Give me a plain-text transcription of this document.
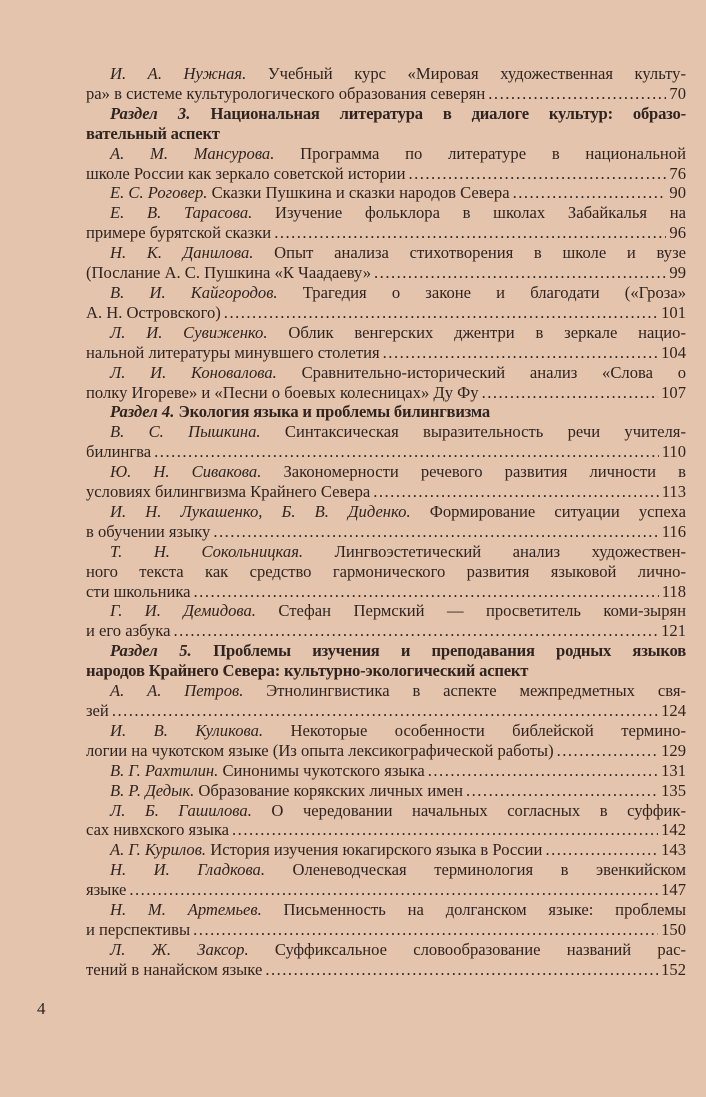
И. А. Нужная. Учебный курс «Мировая художественная культу-
ра» в системе культурологического образования северян .....	70
Раздел 3. Национальная литература в диалоге культур: образо-
вательный аспект
А. М. Мансурова. Программа по литературе в национальной
школе России как зеркало советской истории .....	76
Е. С. Роговер. Сказки Пушкина и сказки народов Севера .....	90
Е. В. Тарасова. Изучение фольклора в школах Забайкалья на
примере бурятской сказки .....	96
Н. К. Данилова. Опыт анализа стихотворения в школе и вузе
(Послание А. С. Пушкина «К Чаадаеву» .....	99
В. И. Кайгородов. Трагедия о законе и благодати («Гроза»
А. Н. Островского) .....	101
Л. И. Сувиженко. Облик венгерских джентри в зеркале нацио-
нальной литературы минувшего столетия .....	104
Л. И. Коновалова. Сравнительно-исторический анализ «Слова о
полку Игореве» и «Песни о боевых колесницах» Ду Фу .....	107
Раздел 4. Экология языка и проблемы билингвизма
В. С. Пышкина. Синтаксическая выразительность речи учителя-
билингва .....	110
Ю. Н. Сивакова. Закономерности речевого развития личности в
условиях билингвизма Крайнего Севера .....	113
И. Н. Лукашенко, Б. В. Диденко. Формирование ситуации успеха
в обучении языку .....	116
Т. Н. Сокольницкая. Лингвоэстетический анализ художествен-
ного текста как средство гармонического развития языковой лично-
сти школьника .....	118
Г. И. Демидова. Стефан Пермский — просветитель коми-зырян
и его азбука .....	121
Раздел 5. Проблемы изучения и преподавания родных языков
народов Крайнего Севера: культурно-экологический аспект
А. А. Петров. Этнолингвистика в аспекте межпредметных свя-
зей .....	124
И. В. Куликова. Некоторые особенности библейской термино-
логии на чукотском языке (Из опыта лексикографической работы) .....	129
В. Г. Рахтилин. Синонимы чукотского языка .....	131
В. Р. Дедык. Образование корякских личных имен .....	135
Л. Б. Гашилова. О чередовании начальных согласных в суффик-
сах нивхского языка .....	142
А. Г. Курилов. История изучения юкагирского языка в России .....	143
Н. И. Гладкова. Оленеводческая терминология в эвенкийском
языке .....	147
Н. М. Артемьев. Письменность на долганском языке: проблемы
и перспективы .....	150
Л. Ж. Заксор. Суффиксальное словообразование названий рас-
тений в нанайском языке .....	152
4
